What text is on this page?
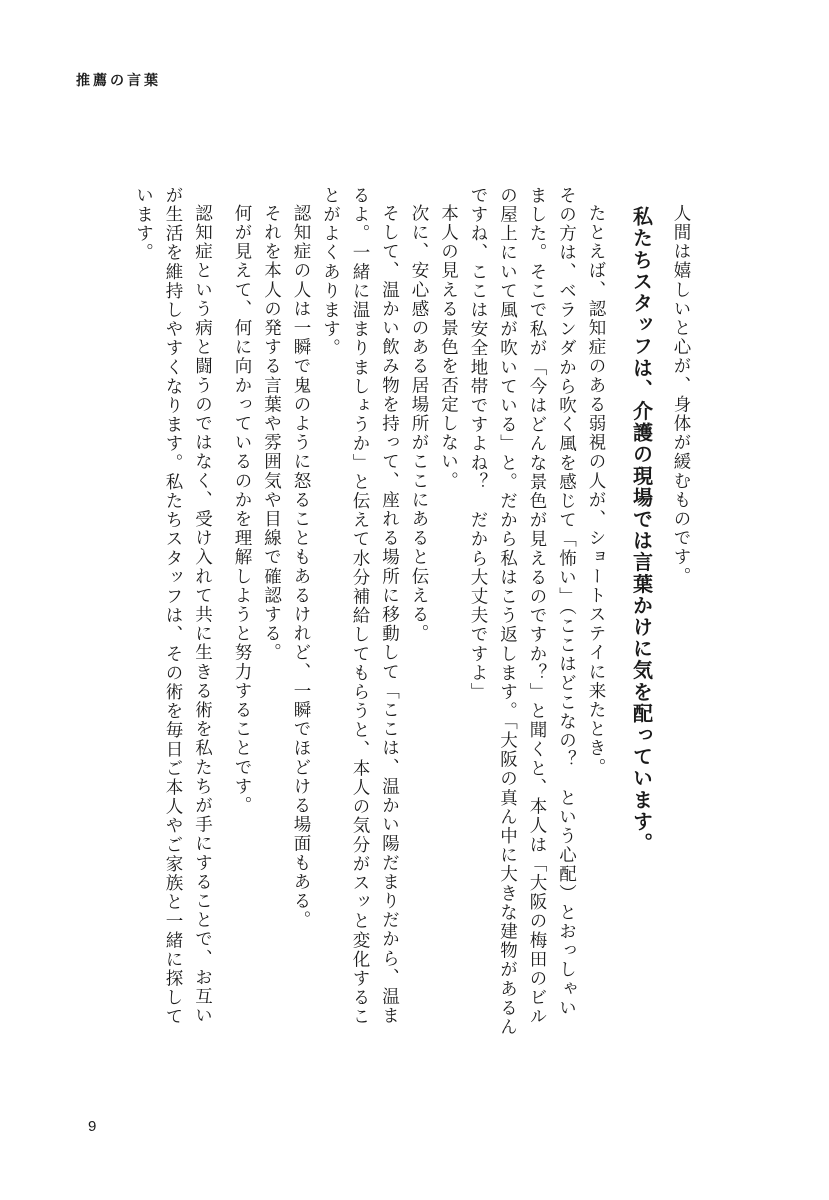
推薦の言葉
人間は嬉しいと心が、身体が緩むものです。
私たちスタッフは、介護の現場では言葉かけに気を配っています。
たとえば、認知症のある弱視の人が、ショートステイに来たとき。
その方は、ベランダから吹く風を感じて「怖い」（ここはどこなの？　という心配）とおっしゃい
ました。そこで私が「今はどんな景色が見えるのですか？」と聞くと、本人は「大阪の梅田のビル
の屋上にいて風が吹いている」と。だから私はこう返します。「大阪の真ん中に大きな建物があるん
ですね、ここは安全地帯ですよね？　だから大丈夫ですよ」
本人の見える景色を否定しない。
次に、安心感のある居場所がここにあると伝える。
そして、温かい飲み物を持って、座れる場所に移動して「ここは、温かい陽だまりだから、温ま
るよ。一緒に温まりましょうか」と伝えて水分補給してもらうと、本人の気分がスッと変化するこ
とがよくあります。
認知症の人は一瞬で鬼のように怒ることもあるけれど、一瞬でほどける場面もある。
それを本人の発する言葉や雰囲気や目線で確認する。
何が見えて、何に向かっているのかを理解しようと努力することです。
認知症という病と闘うのではなく、受け入れて共に生きる術を私たちが手にすることで、お互い
が生活を維持しやすくなります。私たちスタッフは、その術を毎日ご本人やご家族と一緒に探して
います。
9
